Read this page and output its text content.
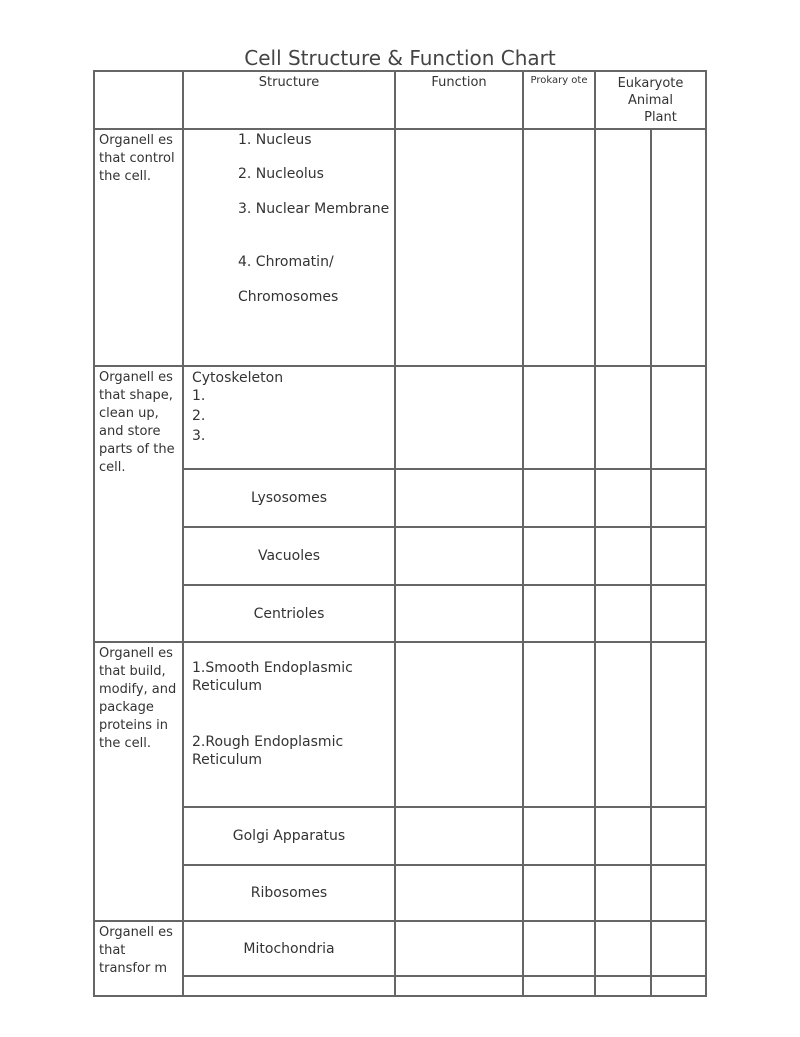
Cell Structure & Function Chart
	Structure	Function	Prokary ote	Eukaryote
Animal
Plant	

Organell es that control the cell.	1. Nucleus
2. Nucleolus
3. Nuclear Membrane
4. Chromatin/
Chromosomes				

Organell es that shape, clean up, and store parts of the cell.	Cytoskeleton
1.
2.
3.				

	Lysosomes				
	Vacuoles				
	Centrioles				
Organell es that build, modify, and package proteins in the cell.	1.Smooth Endoplasmic Reticulum
2.Rough Endoplasmic Reticulum				

	Golgi Apparatus				
	Ribosomes				
Organell es that transfor m	Mitochondria				
